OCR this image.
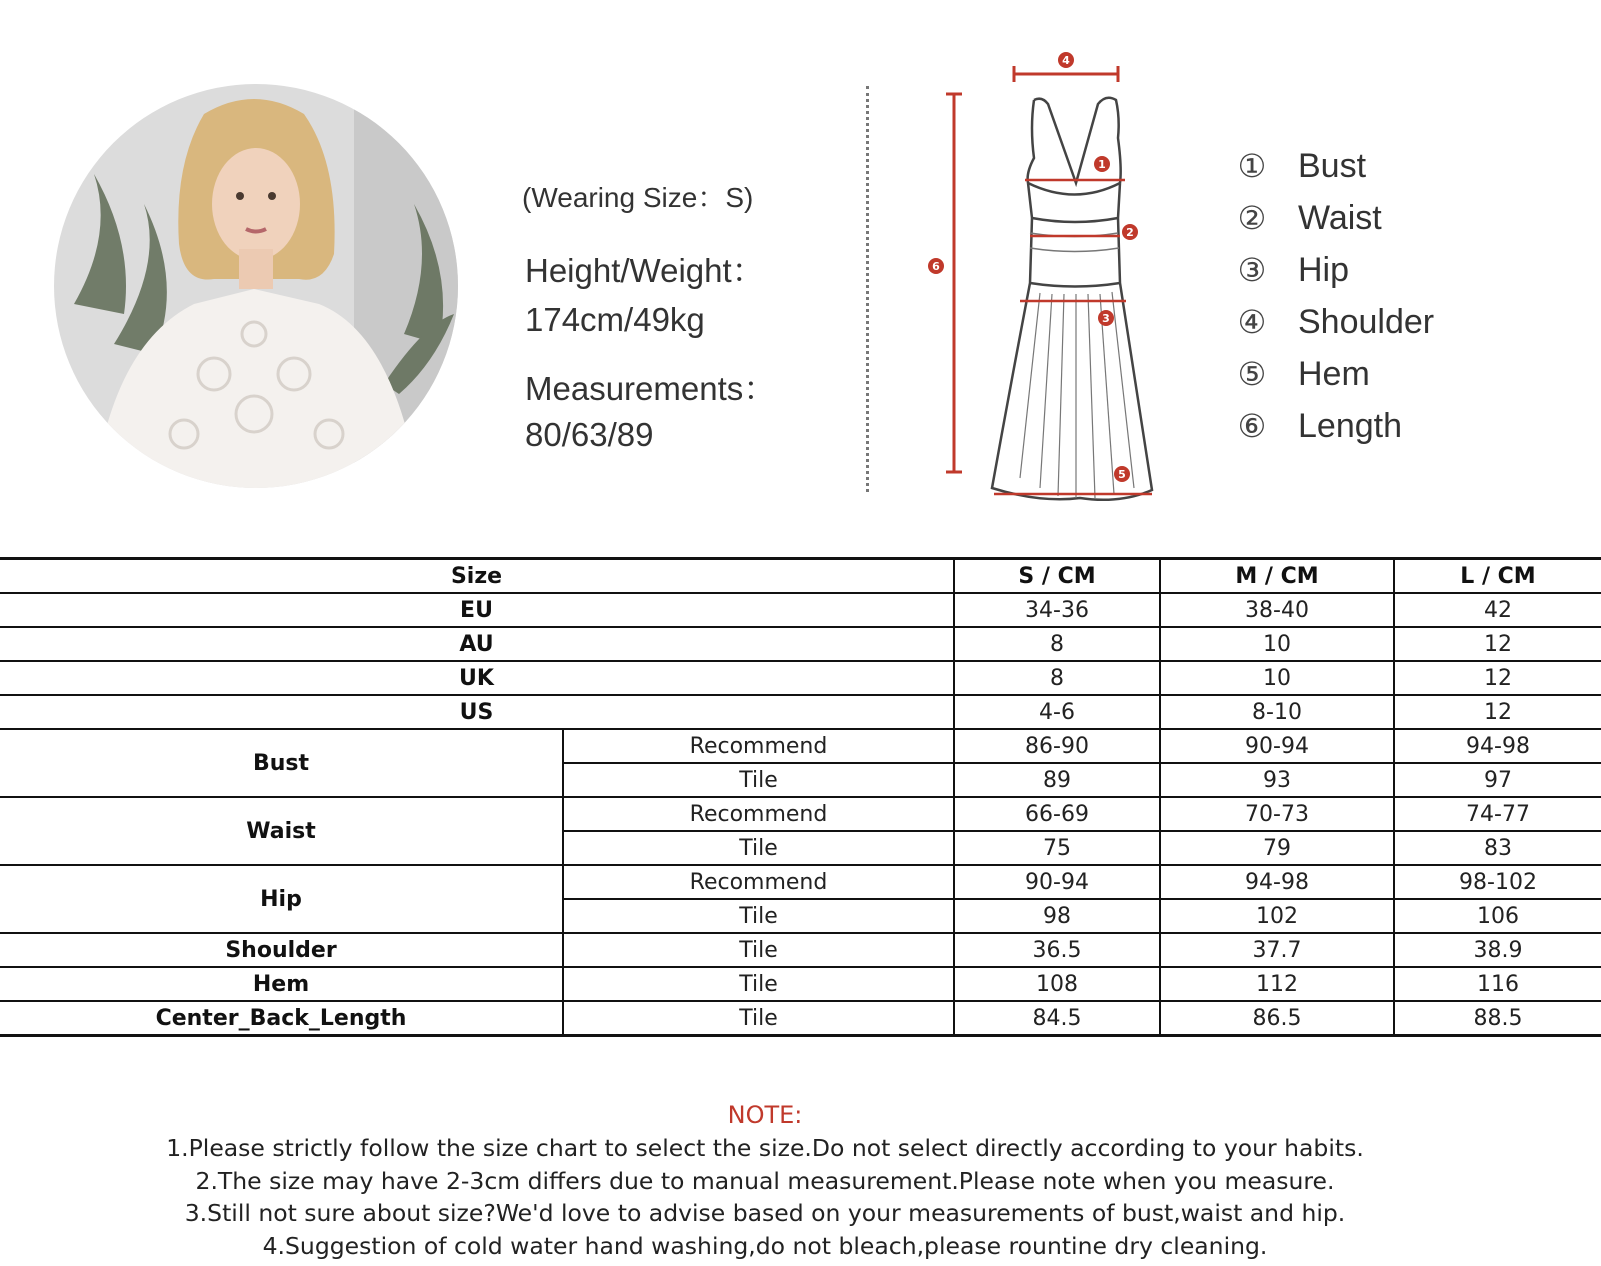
(Wearing Size：S)
Height/Weight：
174cm/49kg
Measurements：
80/63/89
1
2
3
4
5
6
① Bust
② Waist
③ Hip
④ Shoulder
⑤ Hem
⑥ Length
Size		S / CM	M / CM	L / CM
EU		34-36	38-40	42
AU		8	10	12
UK		8	10	12
US		4-6	8-10	12
Bust	Recommend	86-90	90-94	94-98
	Tile	89	93	97
Waist	Recommend	66-69	70-73	74-77
	Tile	75	79	83
Hip	Recommend	90-94	94-98	98-102
	Tile	98	102	106
Shoulder	Tile	36.5	37.7	38.9
Hem	Tile	108	112	116
Center_Back_Length	Tile	84.5	86.5	88.5
NOTE:
1.Please strictly follow the size chart to select the size.Do not select directly according to your habits.
2.The size may have 2-3cm differs due to manual measurement.Please note when you measure.
3.Still not sure about size?We'd love to advise based on your measurements of bust,waist and hip.
4.Suggestion of cold water hand washing,do not bleach,please rountine dry cleaning.
